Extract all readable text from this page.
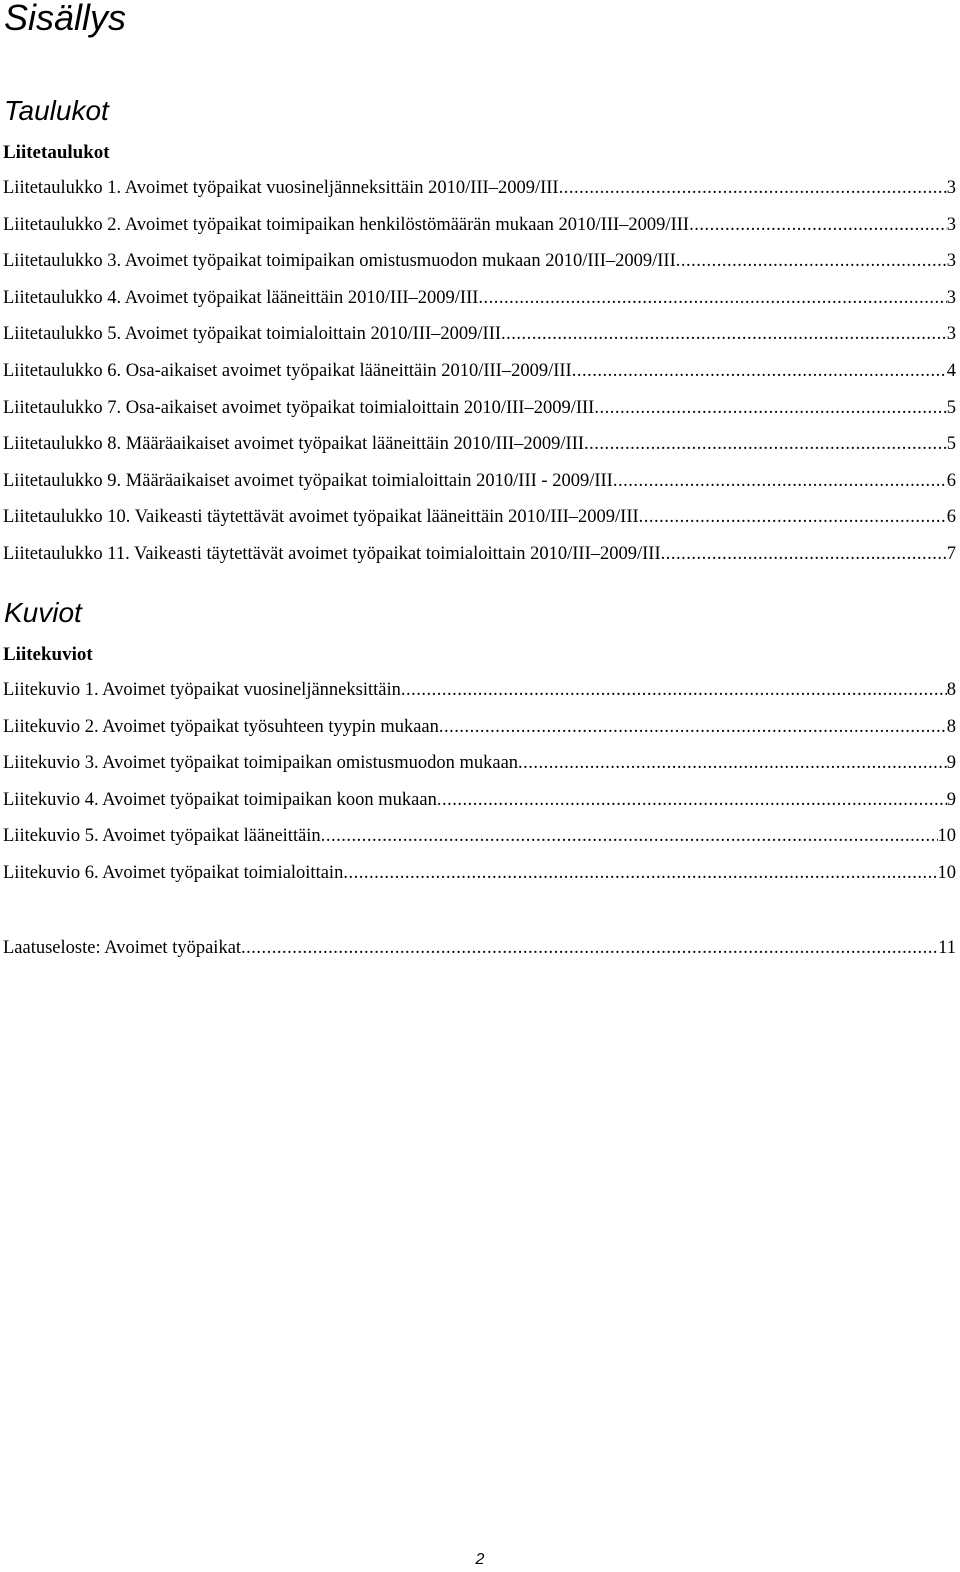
Sisällys
Taulukot
Liitetaulukot
Liitetaulukko 1. Avoimet työpaikat vuosineljänneksittäin 2010/III–2009/III .....	3
Liitetaulukko 2. Avoimet työpaikat toimipaikan henkilöstömäärän mukaan 2010/III–2009/III .....	3
Liitetaulukko 3. Avoimet työpaikat toimipaikan omistusmuodon mukaan 2010/III–2009/III .....	3
Liitetaulukko 4. Avoimet työpaikat lääneittäin 2010/III–2009/III .....	3
Liitetaulukko 5. Avoimet työpaikat toimialoittain 2010/III–2009/III .....	3
Liitetaulukko 6. Osa-aikaiset avoimet työpaikat lääneittäin 2010/III–2009/III .....	4
Liitetaulukko 7. Osa-aikaiset avoimet työpaikat toimialoittain 2010/III–2009/III .....	5
Liitetaulukko 8. Määräaikaiset avoimet työpaikat lääneittäin 2010/III–2009/III .....	5
Liitetaulukko 9. Määräaikaiset avoimet työpaikat toimialoittain 2010/III - 2009/III .....	6
Liitetaulukko 10. Vaikeasti täytettävät avoimet työpaikat lääneittäin 2010/III–2009/III .....	6
Liitetaulukko 11. Vaikeasti täytettävät avoimet työpaikat toimialoittain 2010/III–2009/III .....	7
Kuviot
Liitekuviot
Liitekuvio 1. Avoimet työpaikat vuosineljänneksittäin .....	8
Liitekuvio 2. Avoimet työpaikat työsuhteen tyypin mukaan .....	8
Liitekuvio 3. Avoimet työpaikat toimipaikan omistusmuodon mukaan .....	9
Liitekuvio 4. Avoimet työpaikat toimipaikan koon mukaan .....	9
Liitekuvio 5. Avoimet työpaikat lääneittäin .....	10
Liitekuvio 6. Avoimet työpaikat toimialoittain .....	10
Laatuseloste: Avoimet työpaikat .....	11
2
